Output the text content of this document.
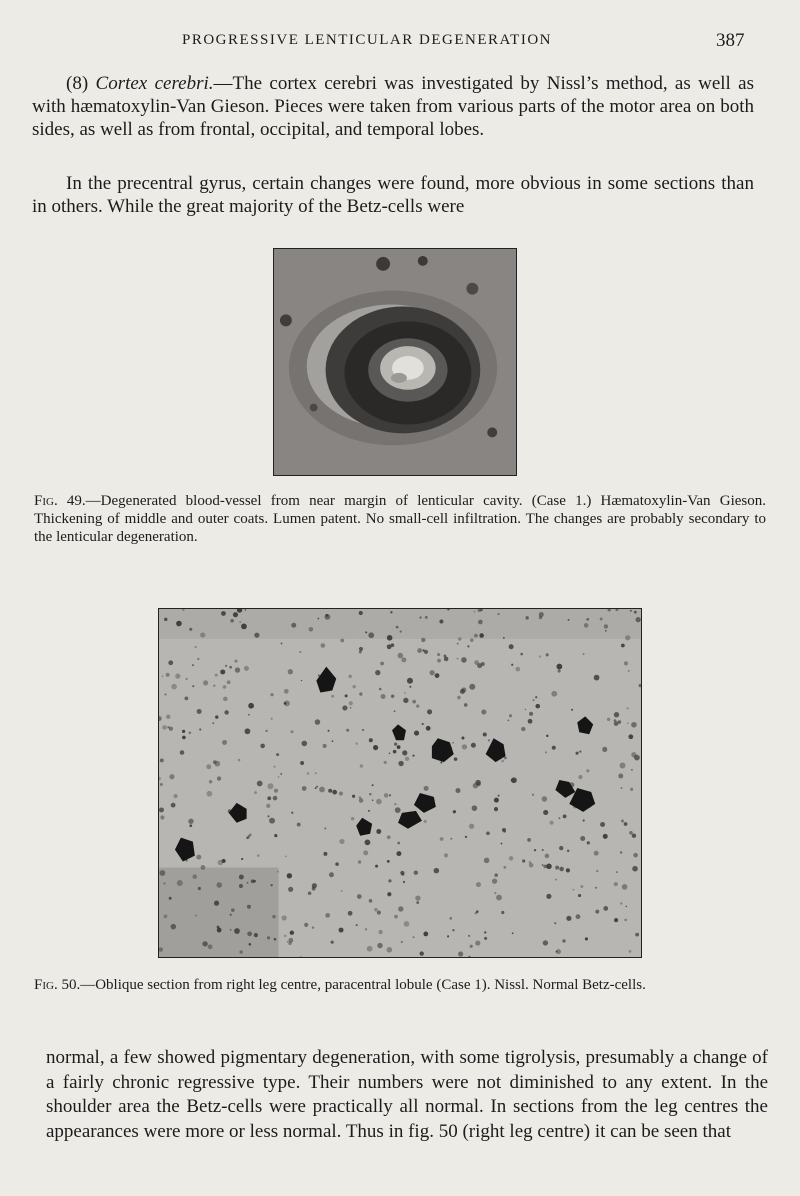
PROGRESSIVE LENTICULAR DEGENERATION	387

(8) Cortex cerebri.—The cortex cerebri was investigated by Nissl’s method, as well as with hæmatoxylin-Van Gieson. Pieces were taken from various parts of the motor area on both sides, as well as from frontal, occipital, and temporal lobes.

In the precentral gyrus, certain changes were found, more obvious in some sections than in others. While the great majority of the Betz-cells were

Fig. 49.—Degenerated blood-vessel from near margin of lenticular cavity. (Case 1.) Hæmatoxylin-Van Gieson. Thickening of middle and outer coats. Lumen patent. No small-cell infiltration. The changes are probably secondary to the lenticular degeneration.

Fig. 50.—Oblique section from right leg centre, paracentral lobule (Case 1). Nissl. Normal Betz-cells.

normal, a few showed pigmentary degeneration, with some tigrolysis, presumably a change of a fairly chronic regressive type. Their numbers were not diminished to any extent. In the shoulder area the Betz-cells were practically all normal. In sections from the leg centres the appearances were more or less normal. Thus in fig. 50 (right leg centre) it can be seen that
